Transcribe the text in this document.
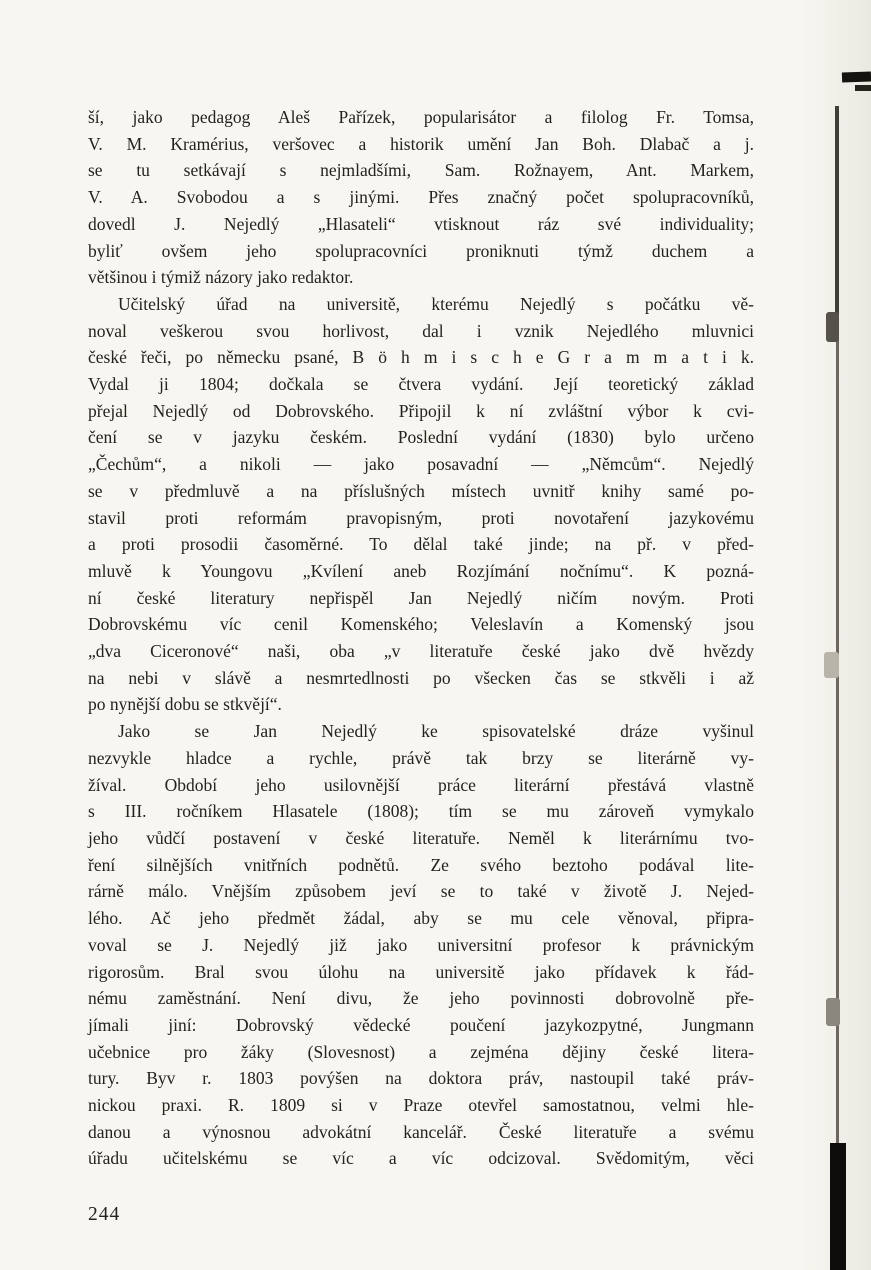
ší, jako pedagog Aleš Pařízek, popularisátor a filolog Fr. Tomsa,
V. M. Kramérius, veršovec a historik umění Jan Boh. Dlabač a j.
se tu setkávají s nejmladšími, Sam. Rožnayem, Ant. Markem,
V. A. Svobodou a s jinými. Přes značný počet spolupracovníků,
dovedl J. Nejedlý „Hlasateli“ vtisknout ráz své individuality;
byliť ovšem jeho spolupracovníci proniknuti týmž duchem a
většinou i týmiž názory jako redaktor.
Učitelský úřad na universitě, kterému Nejedlý s počátku vě-
noval veškerou svou horlivost, dal i vznik Nejedlého mluvnici
české řeči, po německu psané, B ö h m i s c h e G r a m m a t i k.
Vydal ji 1804; dočkala se čtvera vydání. Její teoretický základ
přejal Nejedlý od Dobrovského. Připojil k ní zvláštní výbor k cvi-
čení se v jazyku českém. Poslední vydání (1830) bylo určeno
„Čechům“, a nikoli — jako posavadní — „Němcům“. Nejedlý
se v předmluvě a na příslušných místech uvnitř knihy samé po-
stavil proti reformám pravopisným, proti novotaření jazykovému
a proti prosodii časoměrné. To dělal také jinde; na př. v před-
mluvě k Youngovu „Kvílení aneb Rozjímání nočnímu“. K pozná-
ní české literatury nepřispěl Jan Nejedlý ničím novým. Proti
Dobrovskému víc cenil Komenského; Veleslavín a Komenský jsou
„dva Ciceronové“ naši, oba „v literatuře české jako dvě hvězdy
na nebi v slávě a nesmrtedlnosti po všecken čas se stkvěli i až
po nynější dobu se stkvějí“.
Jako se Jan Nejedlý ke spisovatelské dráze vyšinul
nezvykle hladce a rychle, právě tak brzy se literárně vy-
žíval. Období jeho usilovnější práce literární přestává vlastně
s III. ročníkem Hlasatele (1808); tím se mu zároveň vymykalo
jeho vůdčí postavení v české literatuře. Neměl k literárnímu tvo-
ření silnějších vnitřních podnětů. Ze svého beztoho podával lite-
rárně málo. Vnějším způsobem jeví se to také v životě J. Nejed-
lého. Ač jeho předmět žádal, aby se mu cele věnoval, připra-
voval se J. Nejedlý již jako universitní profesor k právnickým
rigorosům. Bral svou úlohu na universitě jako přídavek k řád-
nému zaměstnání. Není divu, že jeho povinnosti dobrovolně pře-
jímali jiní: Dobrovský vědecké poučení jazykozpytné, Jungmann
učebnice pro žáky (Slovesnost) a zejména dějiny české litera-
tury. Byv r. 1803 povýšen na doktora práv, nastoupil také práv-
nickou praxi. R. 1809 si v Praze otevřel samostatnou, velmi hle-
danou a výnosnou advokátní kancelář. České literatuře a svému
úřadu učitelskému se víc a víc odcizoval. Svědomitým, věci
244
